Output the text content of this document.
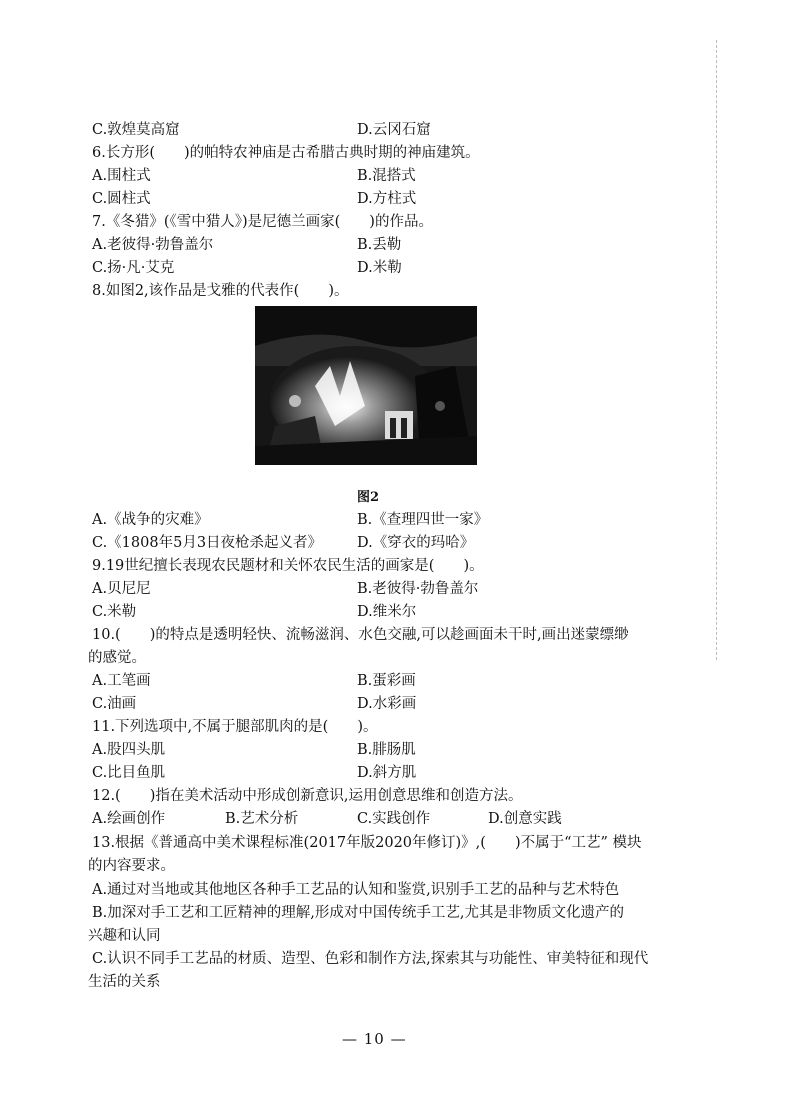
C.敦煌莫高窟	D.云冈石窟
6.长方形(　　)的帕特农神庙是古希腊古典时期的神庙建筑。
A.围柱式	B.混搭式
C.圆柱式	D.方柱式
7.《冬猎》(《雪中猎人》)是尼德兰画家(　　)的作品。
A.老彼得·勃鲁盖尔	B.丢勒
C.扬·凡·艾克	D.米勒
8.如图2,该作品是戈雅的代表作(　　)。
图2
A.《战争的灾难》	B.《查理四世一家》
C.《1808年5月3日夜枪杀起义者》 D.《穿衣的玛哈》
9.19世纪擅长表现农民题材和关怀农民生活的画家是(　　)。
A.贝尼尼	B.老彼得·勃鲁盖尔
C.米勒	D.维米尔
10.(　　)的特点是透明轻快、流畅滋润、水色交融,可以趁画面未干时,画出迷蒙缥缈
的感觉。
A.工笔画	B.蛋彩画
C.油画	D.水彩画
11.下列选项中,不属于腿部肌肉的是(　　)。
A.股四头肌	B.腓肠肌
C.比目鱼肌	D.斜方肌
12.(　　)指在美术活动中形成创新意识,运用创意思维和创造方法。
A.绘画创作	B.艺术分析	C.实践创作	D.创意实践
13.根据《普通高中美术课程标准(2017年版2020年修订)》,(　　)不属于“工艺” 模块
的内容要求。
A.通过对当地或其他地区各种手工艺品的认知和鉴赏,识别手工艺的品种与艺术特色
B.加深对手工艺和工匠精神的理解,形成对中国传统手工艺,尤其是非物质文化遗产的
兴趣和认同
C.认识不同手工艺品的材质、造型、色彩和制作方法,探索其与功能性、审美特征和现代
生活的关系
— 10 —
